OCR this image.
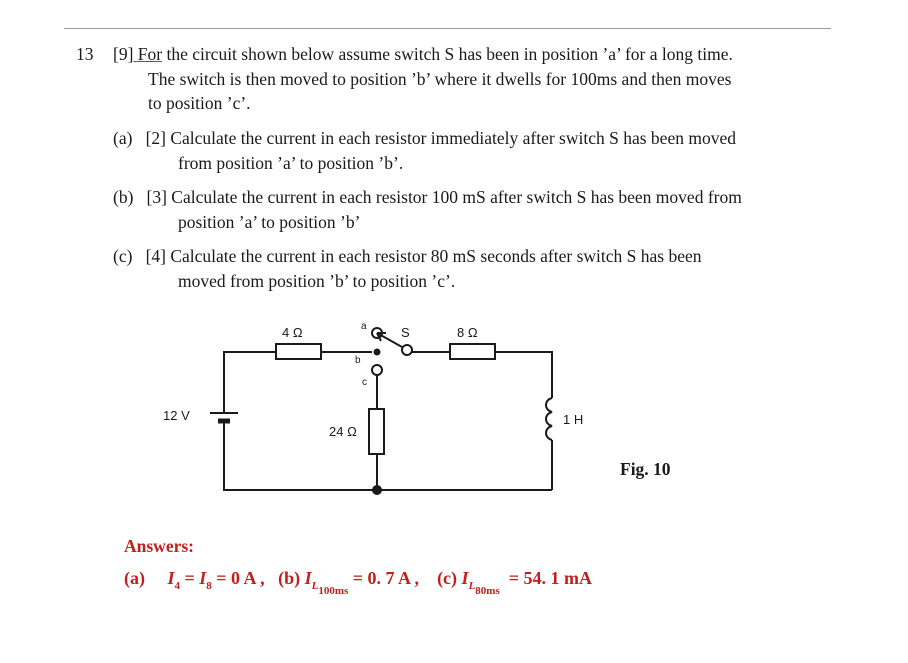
13 [9] For the circuit shown below assume switch S has been in position ’a’ for a long time.
The switch is then moved to position ’b’ where it dwells for 100ms and then moves
to position ’c’.
(a) [2] Calculate the current in each resistor immediately after switch S has been moved
from position ’a’ to position ’b’.
(b) [3] Calculate the current in each resistor 100 mS after switch S has been moved from
position ’a’ to position ’b’
(c) [4] Calculate the current in each resistor 80 mS seconds after switch S has been
moved from position ’b’ to position ’c’.
4 Ω	8 Ω
24 Ω
12 V	1 H
S
a
b
c
Fig. 10
Answers:
(a) $I_4 = I_8 = 0$ A , (b) $I_{L_{100ms}} = 0$. 7 A , (c) $I_{L_{80ms}} = 54$. 1 mA
